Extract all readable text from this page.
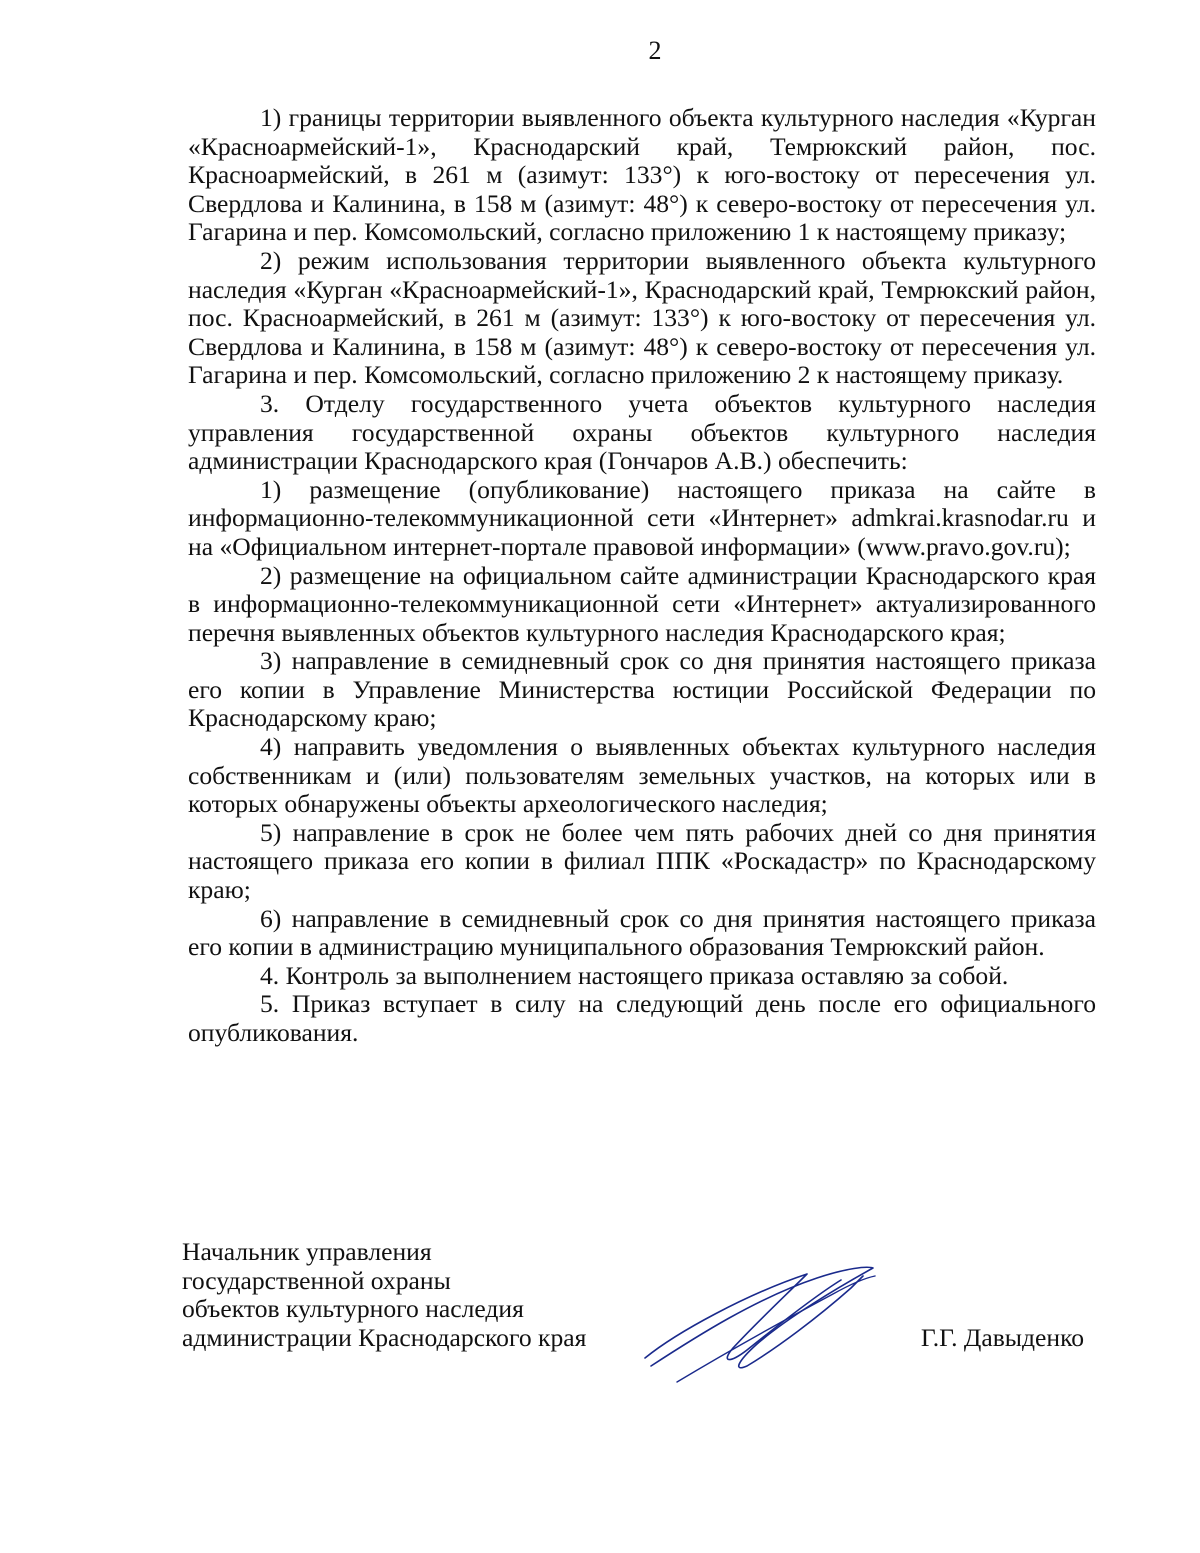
2

1) границы территории выявленного объекта культурного наследия «Курган «Красноармейский-1», Краснодарский край, Темрюкский район, пос. Красноармейский, в 261 м (азимут: 133°) к юго-востоку от пересечения ул. Свердлова и Калинина, в 158 м (азимут: 48°) к северо-востоку от пересечения ул. Гагарина и пер. Комсомольский, согласно приложению 1 к настоящему приказу;

2) режим использования территории выявленного объекта культурного наследия «Курган «Красноармейский-1», Краснодарский край, Темрюкский район, пос. Красноармейский, в 261 м (азимут: 133°) к юго-востоку от пересечения ул. Свердлова и Калинина, в 158 м (азимут: 48°) к северо-востоку от пересечения ул. Гагарина и пер. Комсомольский, согласно приложению 2 к настоящему приказу.

3. Отделу государственного учета объектов культурного наследия управления государственной охраны объектов культурного наследия администрации Краснодарского края (Гончаров А.В.) обеспечить:

1) размещение (опубликование) настоящего приказа на сайте в информационно-телекоммуникационной сети «Интернет» admkrai.krasnodar.ru и на «Официальном интернет-портале правовой информации» (www.pravo.gov.ru);

2) размещение на официальном сайте администрации Краснодарского края в информационно-телекоммуникационной сети «Интернет» актуализированного перечня выявленных объектов культурного наследия Краснодарского края;

3) направление в семидневный срок со дня принятия настоящего приказа его копии в Управление Министерства юстиции Российской Федерации по Краснодарскому краю;

4) направить уведомления о выявленных объектах культурного наследия собственникам и (или) пользователям земельных участков, на которых или в которых обнаружены объекты археологического наследия;

5) направление в срок не более чем пять рабочих дней со дня принятия настоящего приказа его копии в филиал ППК «Роскадастр» по Краснодарскому краю;

6) направление в семидневный срок со дня принятия настоящего приказа его копии в администрацию муниципального образования Темрюкский район.

4. Контроль за выполнением настоящего приказа оставляю за собой.

5. Приказ вступает в силу на следующий день после его официального опубликования.

Начальник управления
государственной охраны
объектов культурного наследия
администрации Краснодарского края	Г.Г. Давыденко
